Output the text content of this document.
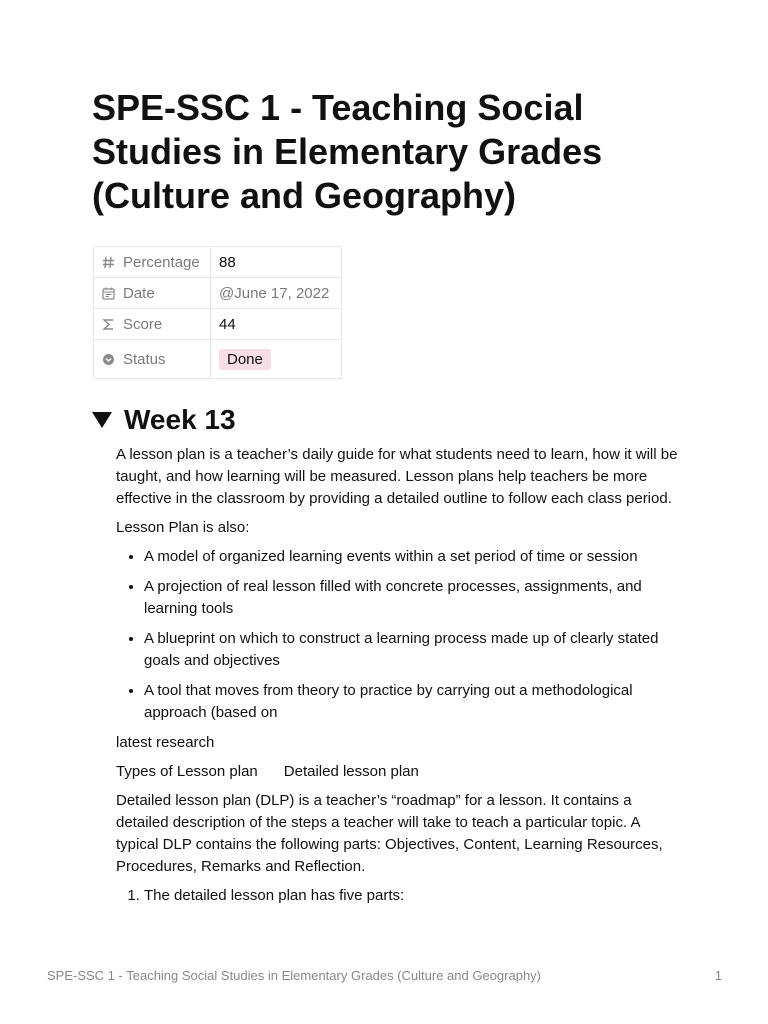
SPE-SSC 1 - Teaching Social Studies in Elementary Grades (Culture and Geography)
Percentage	88

Date	@June 17, 2022

Score	44

Status	Done
Week 13

A lesson plan is a teacher’s daily guide for what students need to learn, how it will be taught, and how learning will be measured. Lesson plans help teachers be more effective in the classroom by providing a detailed outline to follow each class period.

Lesson Plan is also:

• A model of organized learning events within a set period of time or session
• A projection of real lesson filled with concrete processes, assignments, and learning tools
• A blueprint on which to construct a learning process made up of clearly stated goals and objectives
• A tool that moves from theory to practice by carrying out a methodological approach (based on

latest research

Types of Lesson plan Detailed lesson plan

Detailed lesson plan (DLP) is a teacher’s “roadmap” for a lesson. It contains a detailed description of the steps a teacher will take to teach a particular topic. A typical DLP contains the following parts: Objectives, Content, Learning Resources, Procedures, Remarks and Reflection.

1. The detailed lesson plan has five parts:
SPE-SSC 1 - Teaching Social Studies in Elementary Grades (Culture and Geography)	1
